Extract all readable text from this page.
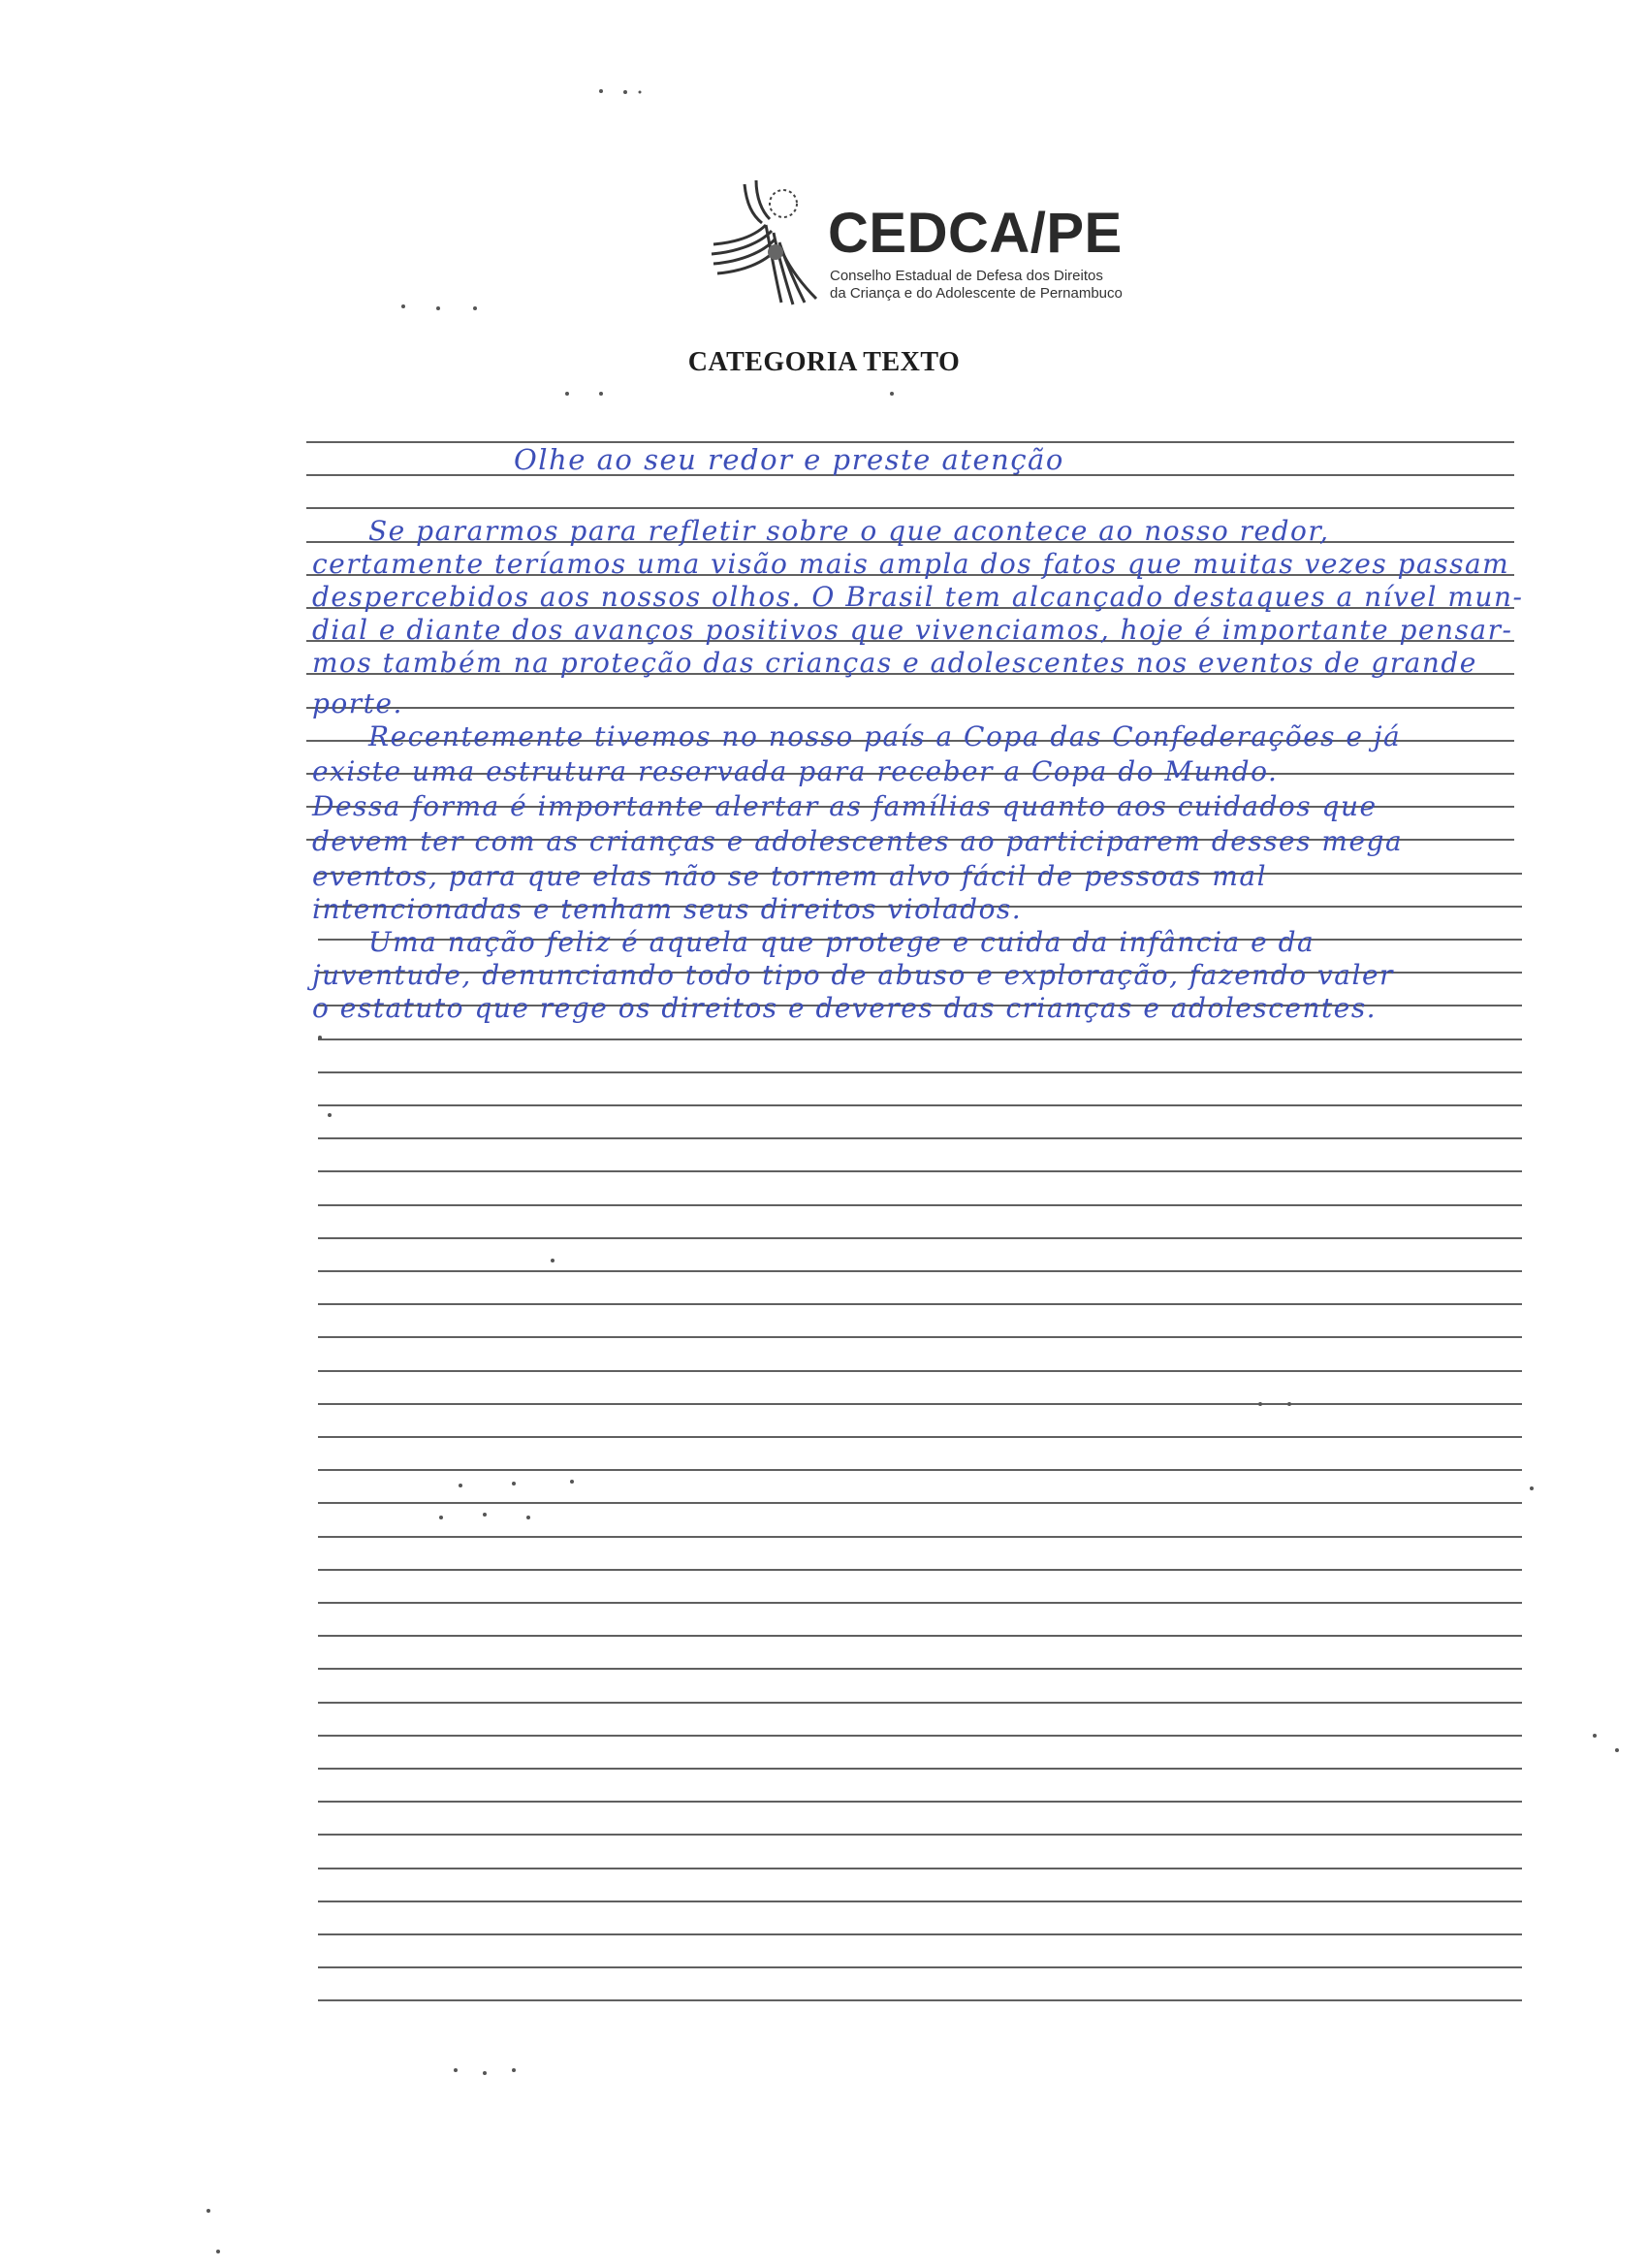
CEDCA/PE
Conselho Estadual de Defesa dos Direitos
da Criança e do Adolescente de Pernambuco
CATEGORIA TEXTO
Olhe ao seu redor e preste atenção
Se pararmos para refletir sobre o que acontece ao nosso redor,
certamente teríamos uma visão mais ampla dos fatos que muitas vezes passam
despercebidos aos nossos olhos. O Brasil tem alcançado destaques a nível mun-
dial e diante dos avanços positivos que vivenciamos, hoje é importante pensar-
mos também na proteção das crianças e adolescentes nos eventos de grande
porte.
Recentemente tivemos no nosso país a Copa das Confederações e já
existe uma estrutura reservada para receber a Copa do Mundo.
Dessa forma é importante alertar as famílias quanto aos cuidados que
devem ter com as crianças e adolescentes ao participarem desses mega
eventos, para que elas não se tornem alvo fácil de pessoas mal
intencionadas e tenham seus direitos violados.
Uma nação feliz é aquela que protege e cuida da infância e da
juventude, denunciando todo tipo de abuso e exploração, fazendo valer
o estatuto que rege os direitos e deveres das crianças e adolescentes.
